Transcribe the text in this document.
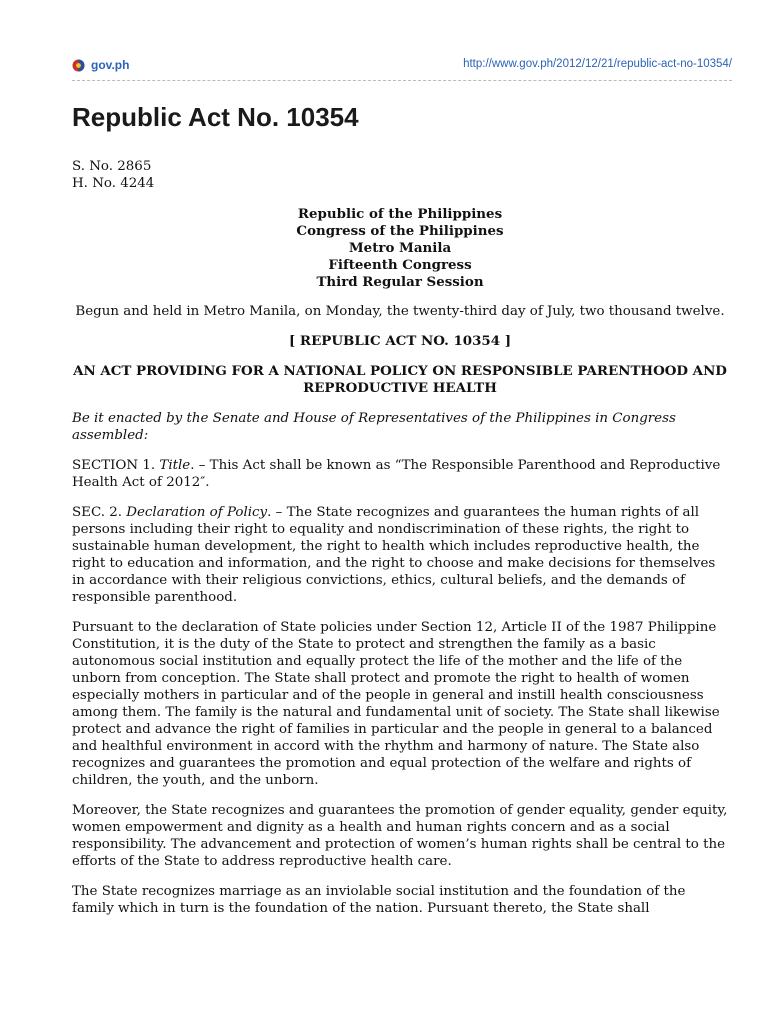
gov.ph	http://www.gov.ph/2012/12/21/republic-act-no-10354/
Republic Act No. 10354
S. No. 2865
H. No. 4244
Republic of the Philippines
Congress of the Philippines
Metro Manila
Fifteenth Congress
Third Regular Session

Begun and held in Metro Manila, on Monday, the twenty-third day of July, two thousand twelve.

[ REPUBLIC ACT NO. 10354 ]

AN ACT PROVIDING FOR A NATIONAL POLICY ON RESPONSIBLE PARENTHOOD AND REPRODUCTIVE HEALTH

Be it enacted by the Senate and House of Representatives of the Philippines in Congress assembled:

SECTION 1. Title. – This Act shall be known as “The Responsible Parenthood and Reproductive Health Act of 2012″.

SEC. 2. Declaration of Policy. – The State recognizes and guarantees the human rights of all persons including their right to equality and nondiscrimination of these rights, the right to sustainable human development, the right to health which includes reproductive health, the right to education and information, and the right to choose and make decisions for themselves in accordance with their religious convictions, ethics, cultural beliefs, and the demands of responsible parenthood.

Pursuant to the declaration of State policies under Section 12, Article II of the 1987 Philippine Constitution, it is the duty of the State to protect and strengthen the family as a basic autonomous social institution and equally protect the life of the mother and the life of the unborn from conception. The State shall protect and promote the right to health of women especially mothers in particular and of the people in general and instill health consciousness among them. The family is the natural and fundamental unit of society. The State shall likewise protect and advance the right of families in particular and the people in general to a balanced and healthful environment in accord with the rhythm and harmony of nature. The State also recognizes and guarantees the promotion and equal protection of the welfare and rights of children, the youth, and the unborn.

Moreover, the State recognizes and guarantees the promotion of gender equality, gender equity, women empowerment and dignity as a health and human rights concern and as a social responsibility. The advancement and protection of women’s human rights shall be central to the efforts of the State to address reproductive health care.

The State recognizes marriage as an inviolable social institution and the foundation of the family which in turn is the foundation of the nation. Pursuant thereto, the State shall
